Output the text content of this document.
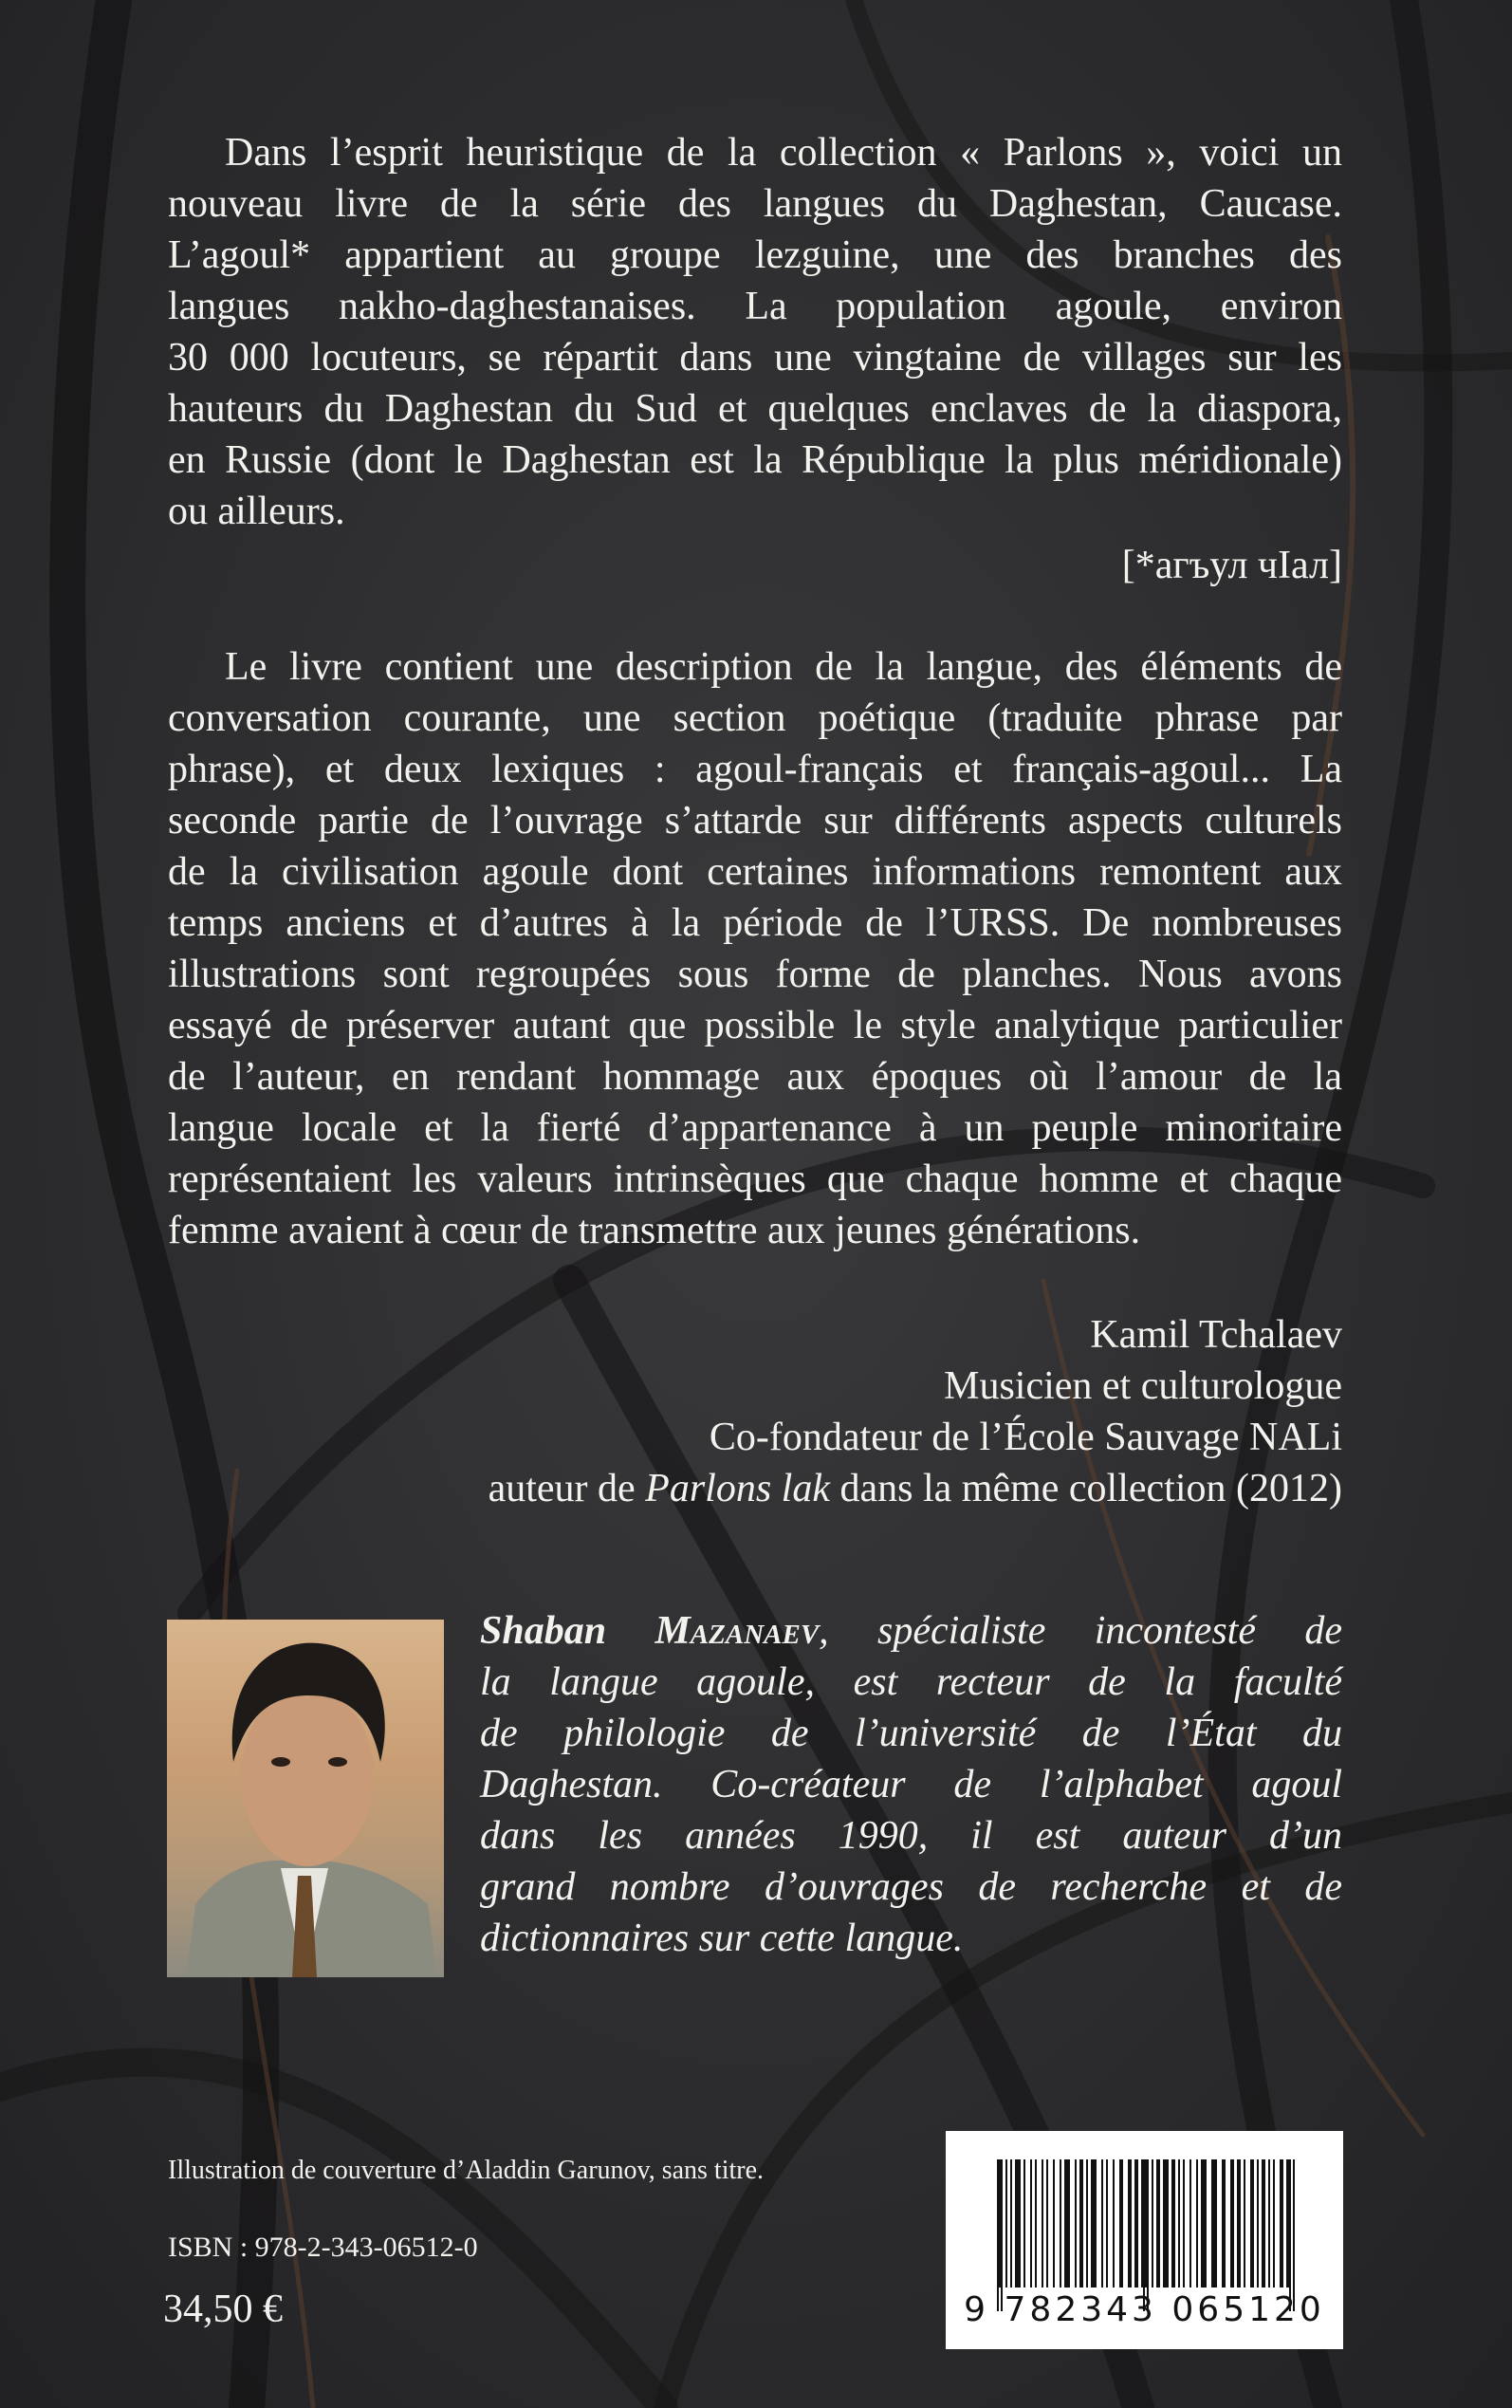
Dans l’esprit heuristique de la collection « Parlons », voici un
nouveau livre de la série des langues du Daghestan, Caucase.
L’agoul* appartient au groupe lezguine, une des branches des
langues nakho-daghestanaises. La population agoule, environ
30 000 locuteurs, se répartit dans une vingtaine de villages sur les
hauteurs du Daghestan du Sud et quelques enclaves de la diaspora,
en Russie (dont le Daghestan est la République la plus méridionale)
ou ailleurs.
[*агъул чIал]
Le livre contient une description de la langue, des éléments de
conversation courante, une section poétique (traduite phrase par
phrase), et deux lexiques : agoul-français et français-agoul... La
seconde partie de l’ouvrage s’attarde sur différents aspects culturels
de la civilisation agoule dont certaines informations remontent aux
temps anciens et d’autres à la période de l’URSS. De nombreuses
illustrations sont regroupées sous forme de planches. Nous avons
essayé de préserver autant que possible le style analytique particulier
de l’auteur, en rendant hommage aux époques où l’amour de la
langue locale et la fierté d’appartenance à un peuple minoritaire
représentaient les valeurs intrinsèques que chaque homme et chaque
femme avaient à cœur de transmettre aux jeunes générations.
Kamil Tchalaev
Musicien et culturologue
Co-fondateur de l’École Sauvage NALi
auteur de Parlons lak dans la même collection (2012)
Shaban Mazanaev, spécialiste incontesté de
la langue agoule, est recteur de la faculté
de philologie de l’université de l’État du
Daghestan. Co-créateur de l’alphabet agoul
dans les années 1990, il est auteur d’un
grand nombre d’ouvrages de recherche et de
dictionnaires sur cette langue.
Illustration de couverture d’Aladdin Garunov, sans titre.
ISBN : 978-2-343-06512-0
34,50 €	9 782343 065120
